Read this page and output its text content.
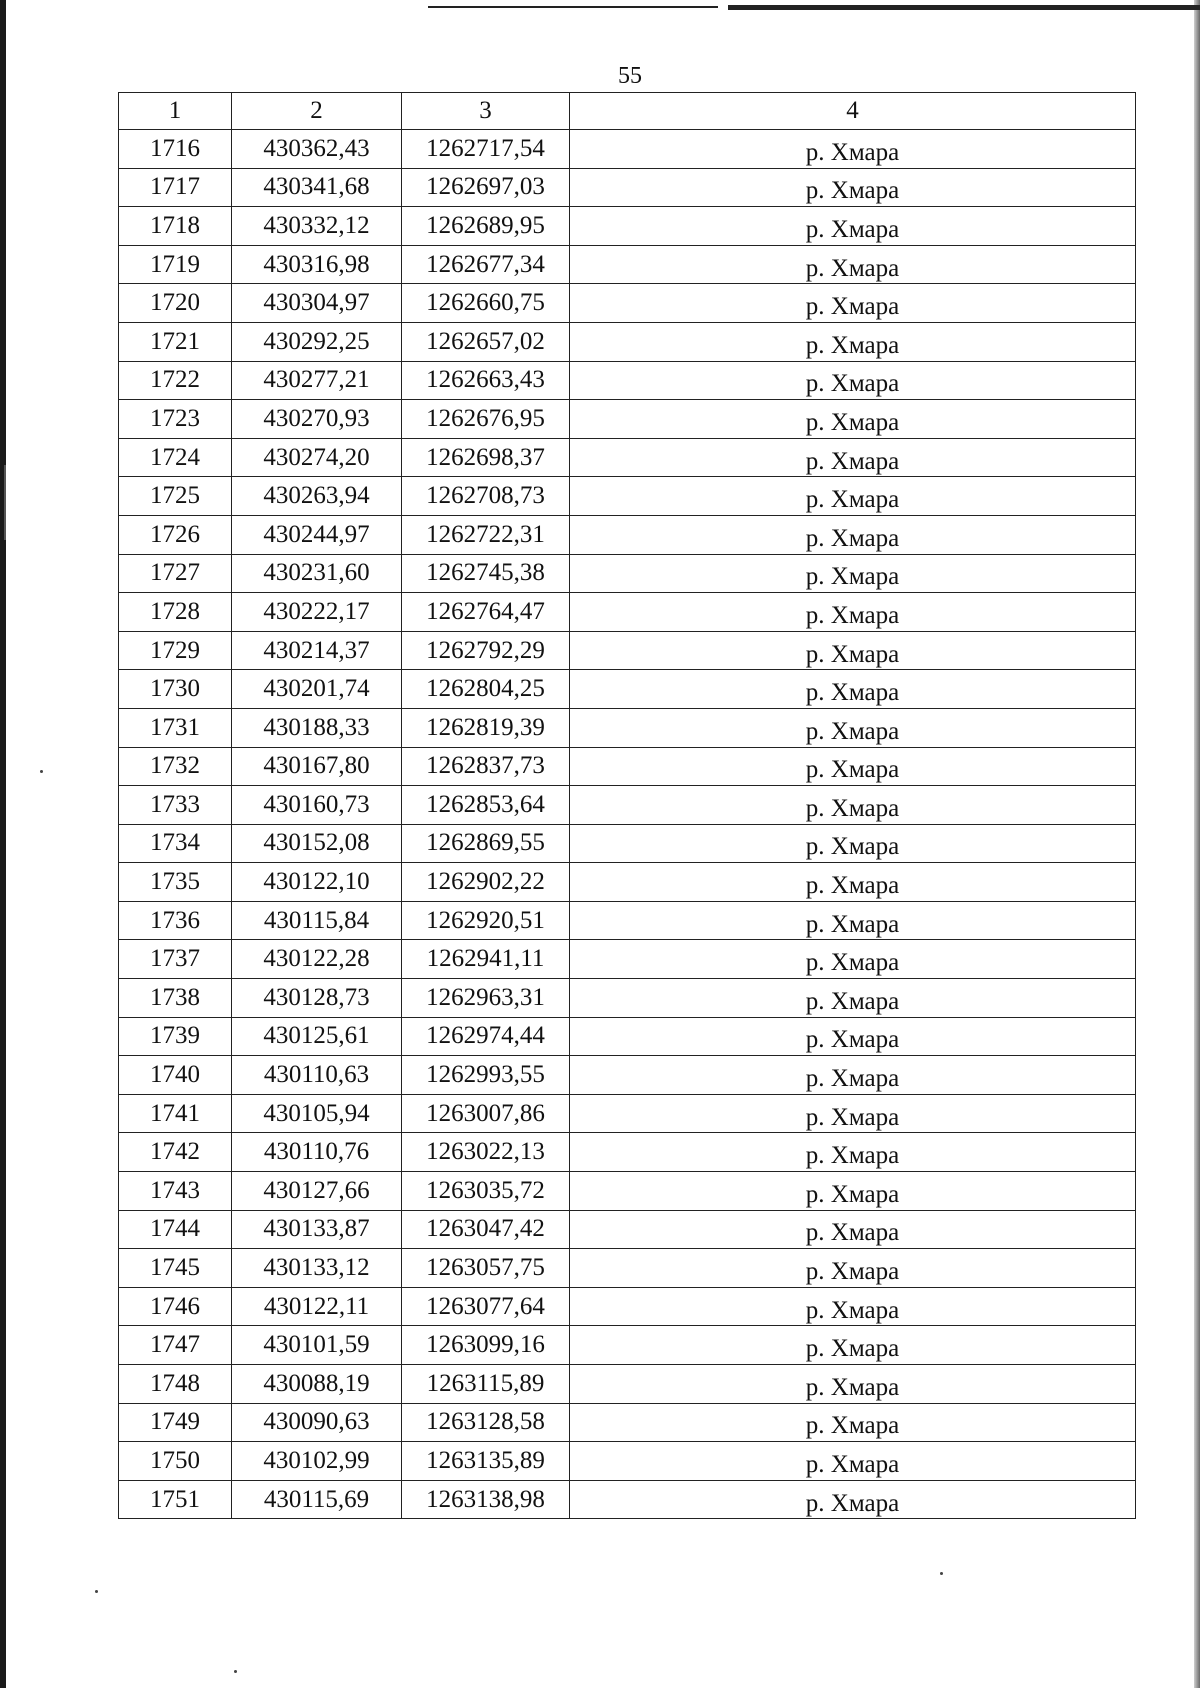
55
1	2	3	4
1716	430362,43	1262717,54	р. Хмара
1717	430341,68	1262697,03	р. Хмара
1718	430332,12	1262689,95	р. Хмара
1719	430316,98	1262677,34	р. Хмара
1720	430304,97	1262660,75	р. Хмара
1721	430292,25	1262657,02	р. Хмара
1722	430277,21	1262663,43	р. Хмара
1723	430270,93	1262676,95	р. Хмара
1724	430274,20	1262698,37	р. Хмара
1725	430263,94	1262708,73	р. Хмара
1726	430244,97	1262722,31	р. Хмара
1727	430231,60	1262745,38	р. Хмара
1728	430222,17	1262764,47	р. Хмара
1729	430214,37	1262792,29	р. Хмара
1730	430201,74	1262804,25	р. Хмара
1731	430188,33	1262819,39	р. Хмара
1732	430167,80	1262837,73	р. Хмара
1733	430160,73	1262853,64	р. Хмара
1734	430152,08	1262869,55	р. Хмара
1735	430122,10	1262902,22	р. Хмара
1736	430115,84	1262920,51	р. Хмара
1737	430122,28	1262941,11	р. Хмара
1738	430128,73	1262963,31	р. Хмара
1739	430125,61	1262974,44	р. Хмара
1740	430110,63	1262993,55	р. Хмара
1741	430105,94	1263007,86	р. Хмара
1742	430110,76	1263022,13	р. Хмара
1743	430127,66	1263035,72	р. Хмара
1744	430133,87	1263047,42	р. Хмара
1745	430133,12	1263057,75	р. Хмара
1746	430122,11	1263077,64	р. Хмара
1747	430101,59	1263099,16	р. Хмара
1748	430088,19	1263115,89	р. Хмара
1749	430090,63	1263128,58	р. Хмара
1750	430102,99	1263135,89	р. Хмара
1751	430115,69	1263138,98	р. Хмара
